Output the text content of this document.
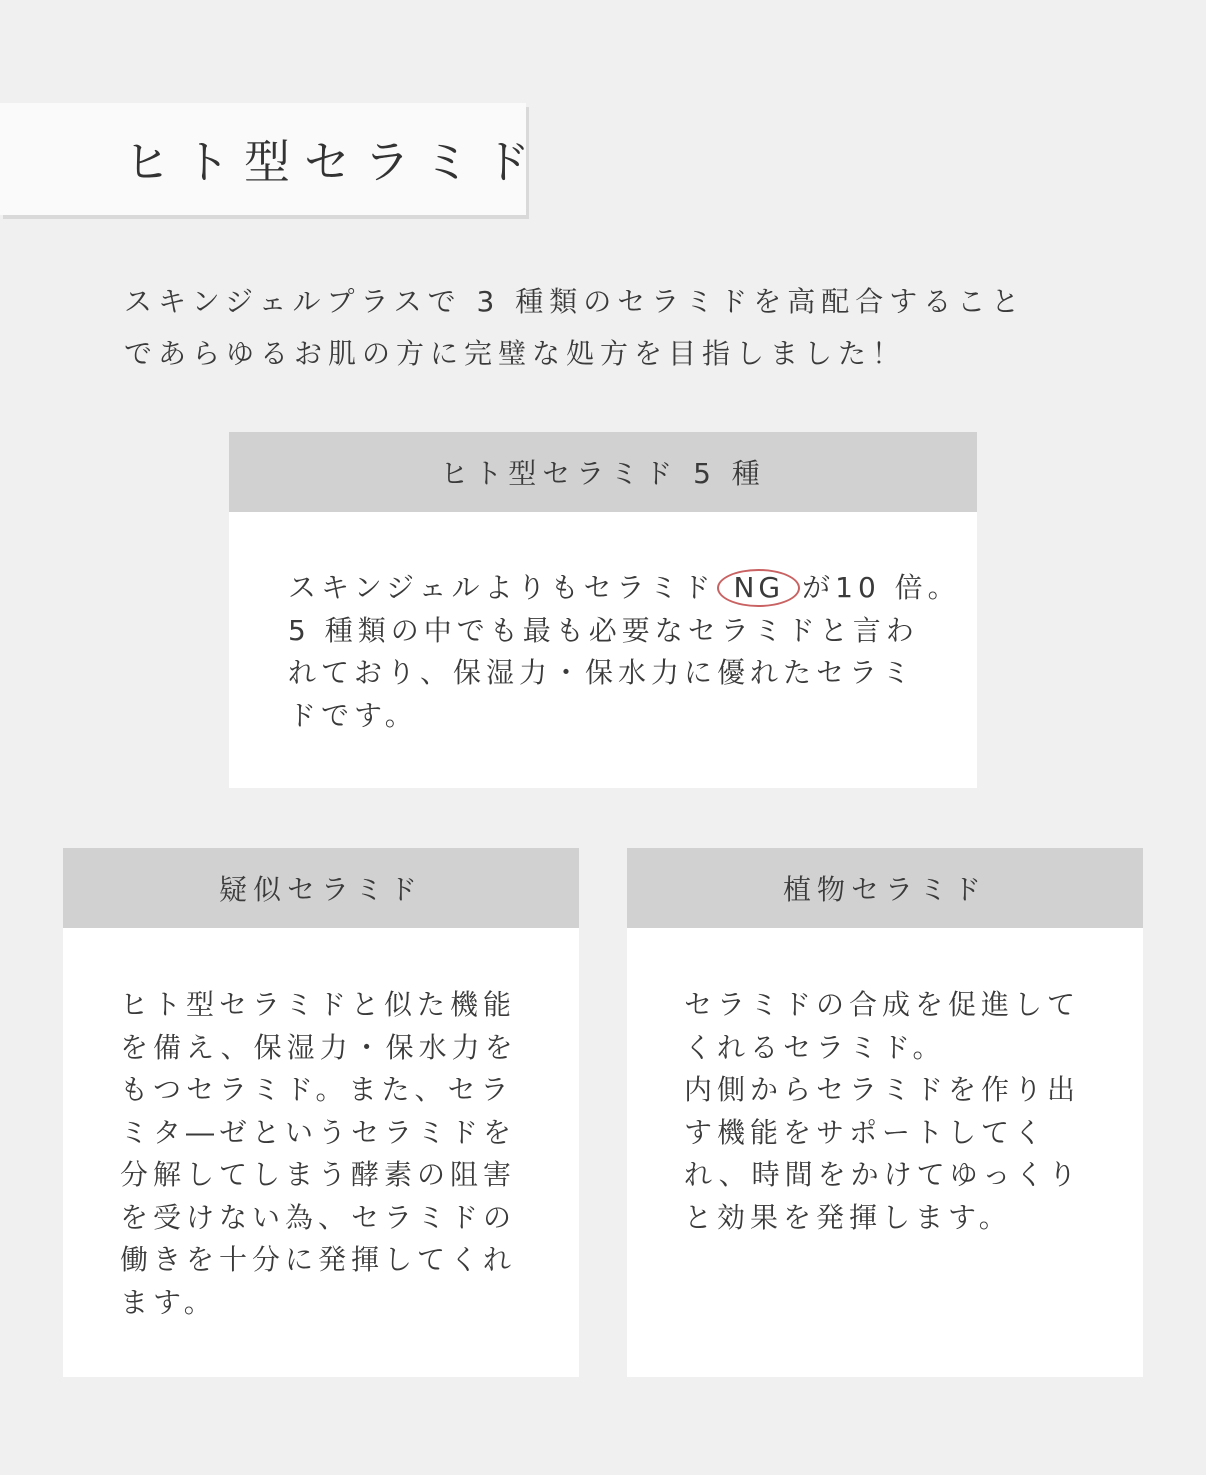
ヒト型セラミド

スキンジェルプラスで 3 種類のセラミドを高配合すること

であらゆるお肌の方に完璧な処方を目指しました！

ヒト型セラミド 5 種

スキンジェルよりもセラミド NG が10 倍。

5 種類の中でも最も必要なセラミドと言わ

れており、保湿力・保水力に優れたセラミ

ドです。

疑似セラミド

ヒト型セラミドと似た機能

を備え、保湿力・保水力を

もつセラミド。また、セラ

ミタ―ゼというセラミドを

分解してしまう酵素の阻害

を受けない為、セラミドの

働きを十分に発揮してくれ

ます。

植物セラミド

セラミドの合成を促進して

くれるセラミド。

内側からセラミドを作り出

す機能をサポートしてく

れ、時間をかけてゆっくり

と効果を発揮します。
